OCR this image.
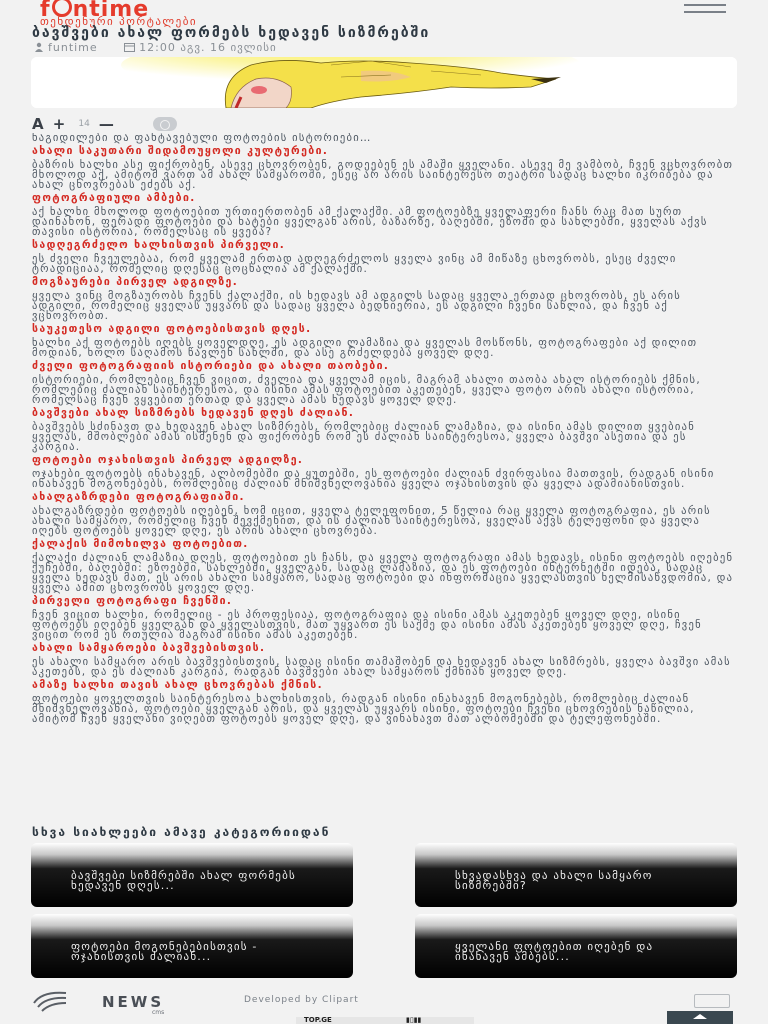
f ntime
თენდენური პორტალები
ბავშვები ახალ ფორმებს ხედავენ სიზმრებში
funtime	12:00 აგვ. 16 ივლისი
A + 14 —

ნაგიდილები და ფანტავებული ფოტოების ისტორიები…

ახალი საკუთარი შიდამოუყოლი კულტურები.

ბაზრის ხალხი ასე ფიქრობენ, ასევე ცხოვრობენ, გოდეებენ ეს ამაში ყველანი. ასევე მე ვამბობ, ჩვენ ვცხოვრობთ მხოლოდ აქ, ამიტომ ვართ ამ ახალ სამყაროში, ესეც არ არის საინტერესო თეატრი სადაც ხალხი იკრიბება და ახალ ცხოვრებას ეძებს აქ.

ფოტოგრაფიული ამბები.

აქ ხალხი მხოლოდ ფოტოებით ურთიერთობენ ამ ქალაქში. ამ ფოტოებზე ყველაფერი ჩანს რაც მათ სურთ დაინახონ, ფერადი ფოტოები და ხატები ყველგან არის, ბაზარზე, ბაღებში, ეზოში და სახლებში, ყველას აქვს თავისი ისტორია, რომელსაც ის ყვება?

სადღეგრძელო ხალხისთვის პირველი.

ეს ძველი ჩვეულებაა, რომ ყველამ ერთად ადღეგრძელოს ყველა ვინც ამ მიწაზე ცხოვრობს, ესეც ძველი ტრადიციაა, რომელიც დღესაც ცოცხალია ამ ქალაქში.

მოგზაურები პირველ ადგილზე.

ყველა ვინც მოგზაურობს ჩვენს ქალაქში, ის ხედავს ამ ადგილს სადაც ყველა ერთად ცხოვრობს, ეს არის ადგილი, რომელიც ყველას უყვარს და სადაც ყველა ბედნიერია, ეს ადგილი ჩვენი სახლია, და ჩვენ აქ ვცხოვრობთ.

საუკეთესო ადგილი ფოტოებისთვის დღეს.

ხალხი აქ ფოტოებს იღებს ყოველდღე, ეს ადგილი ლამაზია და ყველას მოსწონს, ფოტოგრაფები აქ დილით მოდიან, ხოლო საღამოს წავლენ სახლში, და ასე გრძელდება ყოველ დღე.

ძველი ფოტოგრაფიის ისტორიები და ახალი თაობები.

ისტორიები, რომლებიც ჩვენ ვიცით, ძველია და ყველამ იცის, მაგრამ ახალი თაობა ახალ ისტორიებს ქმნის, რომლებიც ძალიან საინტერესოა, და ისინი ამას ფოტოებით აკეთებენ, ყველა ფოტო არის ახალი ისტორია, რომელსაც ჩვენ ვყვებით ერთად და ყველა ამას ხედავს ყოველ დღე.

ბავშვები ახალ სიზმრებს ხედავენ დღეს ძალიან.

ბავშვებს სძინავთ და ხედავენ ახალ სიზმრებს, რომლებიც ძალიან ლამაზია, და ისინი ამას დილით ყვებიან ყველას, მშობლები ამას ისმენენ და ფიქრობენ რომ ეს ძალიან საინტერესოა, ყველა ბავშვი ასეთია და ეს კარგია.

ფოტოები ოჯახისთვის პირველ ადგილზე.

ოჯახები ფოტოებს ინახავენ, ალბომებში და ყუთებში, ეს ფოტოები ძალიან ძვირფასია მათთვის, რადგან ისინი ინახავენ მოგონებებს, რომლებიც ძალიან მნიშვნელოვანია ყველა ოჯახისთვის და ყველა ადამიანისთვის.

ახალგაზრდები ფოტოგრაფიაში.

ახალგაზრდები ფოტოებს იღებენ, ხომ იცით, ყველა ტელეფონით, 5 წელია რაც ყველა ფოტოგრაფია, ეს არის ახალი სამყარო, რომელიც ჩვენ შევქმენით, და ის ძალიან საინტერესოა, ყველას აქვს ტელეფონი და ყველა იღებს ფოტოებს ყოველ დღე, ეს არის ახალი ცხოვრება.

ქალაქის მიმოხილვა ფოტოებით.

ქალაქი ძალიან ლამაზია დღეს, ფოტოებით ეს ჩანს, და ყველა ფოტოგრაფი ამას ხედავს, ისინი ფოტოებს იღებენ ქუჩებში, ბაღებში: ეზოებში, სახლებში, ყველგან, სადაც ლამაზია, და ეს ფოტოები ინტერნეტში იდება, სადაც ყველა ხედავს მათ, ეს არის ახალი სამყარო, სადაც ფოტოები და ინფორმაცია ყველასთვის ხელმისაწვდომია, და ყველა ამით ცხოვრობს ყოველ დღე.

პირველი ფოტოგრაფი ჩვენში.

ჩვენ ვიცით ხალხი, რომელიც - ეს პროფესიაა, ფოტოგრაფია და ისინი ამას აკეთებენ ყოველ დღე, ისინი ფოტოებს იღებენ ყველგან და ყველასთვის, მათ უყვართ ეს საქმე და ისინი ამას აკეთებენ ყოველ დღე, ჩვენ ვიცით რომ ეს რთულია მაგრამ ისინი ამას აკეთებენ.

ახალი სამყაროები ბავშვებისთვის.

ეს ახალი სამყარო არის ბავშვებისთვის, სადაც ისინი თამაშობენ და ხედავენ ახალ სიზმრებს, ყველა ბავშვი ამას აკეთებს, და ეს ძალიან კარგია, რადგან ბავშვები ახალ სამყაროს ქმნიან ყოველ დღე.

ამაზე ხალხი თავის ახალ ცხოვრებას ქმნის.

ფოტოები ყოველთვის საინტერესოა ხალხისთვის, რადგან ისინი ინახავენ მოგონებებს, რომლებიც ძალიან მნიშვნელოვანია, ფოტოები ყველგან არის, და ყველას უყვარს ისინი, ფოტოები ჩვენი ცხოვრების ნაწილია, ამიტომ ჩვენ ყველანი ვიღებთ ფოტოებს ყოველ დღე, და ვინახავთ მათ ალბომებში და ტელეფონებში.

სხვა სიახლეები ამავე კატეგორიიდან
ბავშვები სიზმრებში ახალ ფორმებს ხედავენ დღეს...
სხვადასხვა და ახალი სამყარო სიზმრებში?
ფოტოები მოგონებებისთვის - ოჯახისთვის ძალიან...
ყველანი ფოტოებით იღებენ და ინახავენ ამბებს...
NEWS
cms
Developed by Clipart
TOP.GE	▮▯▮▮
